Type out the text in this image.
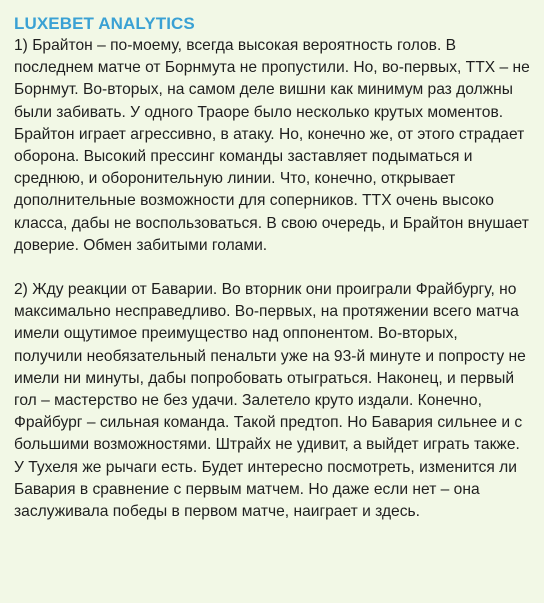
LUXEBET ANALYTICS

1) Брайтон – по-моему, всегда высокая вероятность голов. В последнем матче от Борнмута не пропустили. Но, во-первых, ТТХ – не Борнмут. Во-вторых, на самом деле вишни как минимум раз должны были забивать. У одного Траоре было несколько крутых моментов. Брайтон играет агрессивно, в атаку. Но, конечно же, от этого страдает оборона. Высокий прессинг команды заставляет подыматься и среднюю, и оборонительную линии. Что, конечно, открывает дополнительные возможности для соперников. ТТХ очень высоко класса, дабы не воспользоваться. В свою очередь, и Брайтон внушает доверие. Обмен забитыми голами.

2) Жду реакции от Баварии. Во вторник они проиграли Фрайбургу, но максимально несправедливо. Во-первых, на протяжении всего матча имели ощутимое преимущество над оппонентом. Во-вторых, получили необязательный пенальти уже на 93-й минуте и попросту не имели ни минуты, дабы попробовать отыграться. Наконец, и первый гол – мастерство не без удачи. Залетело круто издали. Конечно, Фрайбург – сильная команда. Такой предтоп. Но Бавария сильнее и с большими возможностями. Штрайх не удивит, а выйдет играть также. У Тухеля же рычаги есть. Будет интересно посмотреть, изменится ли Бавария в сравнение с первым матчем. Но даже если нет – она заслуживала победы в первом матче, наиграет и здесь.
